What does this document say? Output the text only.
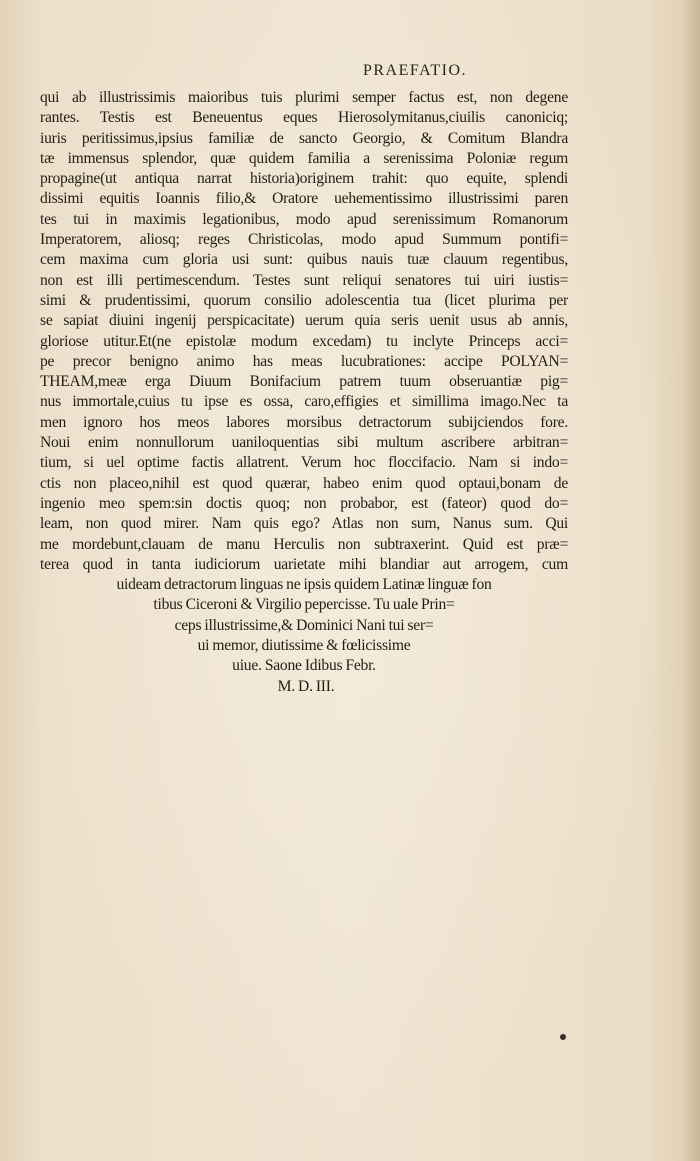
PRAEFATIO.
qui ab illustrissimis maioribus tuis plurimi semper factus est, non degene
rantes. Testis est Beneuentus eques Hierosolymitanus,ciuilis canoniciq;
iuris peritissimus,ipsius familiæ de sancto Georgio, & Comitum Blandra
tæ immensus splendor, quæ quidem familia a serenissima Poloniæ regum
propagine(ut antiqua narrat historia)originem trahit: quo equite, splendi
dissimi equitis Ioannis filio,& Oratore uehementissimo illustrissimi paren
tes tui in maximis legationibus, modo apud serenissimum Romanorum
Imperatorem, aliosq; reges Christicolas, modo apud Summum pontifi=
cem maxima cum gloria usi sunt: quibus nauis tuæ clauum regentibus,
non est illi pertimescendum. Testes sunt reliqui senatores tui uiri iustis=
simi & prudentissimi, quorum consilio adolescentia tua (licet plurima per
se sapiat diuini ingenij perspicacitate) uerum quia seris uenit usus ab annis,
gloriose utitur.Et(ne epistolæ modum excedam) tu inclyte Princeps acci=
pe precor benigno animo has meas lucubrationes: accipe POLYAN=
THEAM,meæ erga Diuum Bonifacium patrem tuum obseruantiæ pig=
nus immortale,cuius tu ipse es ossa, caro,effigies et simillima imago.Nec ta
men ignoro hos meos labores morsibus detractorum subijciendos fore.
Noui enim nonnullorum uaniloquentias sibi multum ascribere arbitran=
tium, si uel optime factis allatrent. Verum hoc floccifacio. Nam si indo=
ctis non placeo,nihil est quod quærar, habeo enim quod optaui,bonam de
ingenio meo spem:sin doctis quoq; non probabor, est (fateor) quod do=
leam, non quod mirer. Nam quis ego? Atlas non sum, Nanus sum. Qui
me mordebunt,clauam de manu Herculis non subtraxerint. Quid est præ=
terea quod in tanta iudiciorum uarietate mihi blandiar aut arrogem, cum
uideam detractorum linguas ne ipsis quidem Latinæ linguæ fon
tibus Ciceroni & Virgilio pepercisse. Tu uale Prin=
ceps illustrissime,& Dominici Nani tui ser=
ui memor, diutissime & fœlicissime
uiue. Saone Idibus Febr.
M. D. III.
